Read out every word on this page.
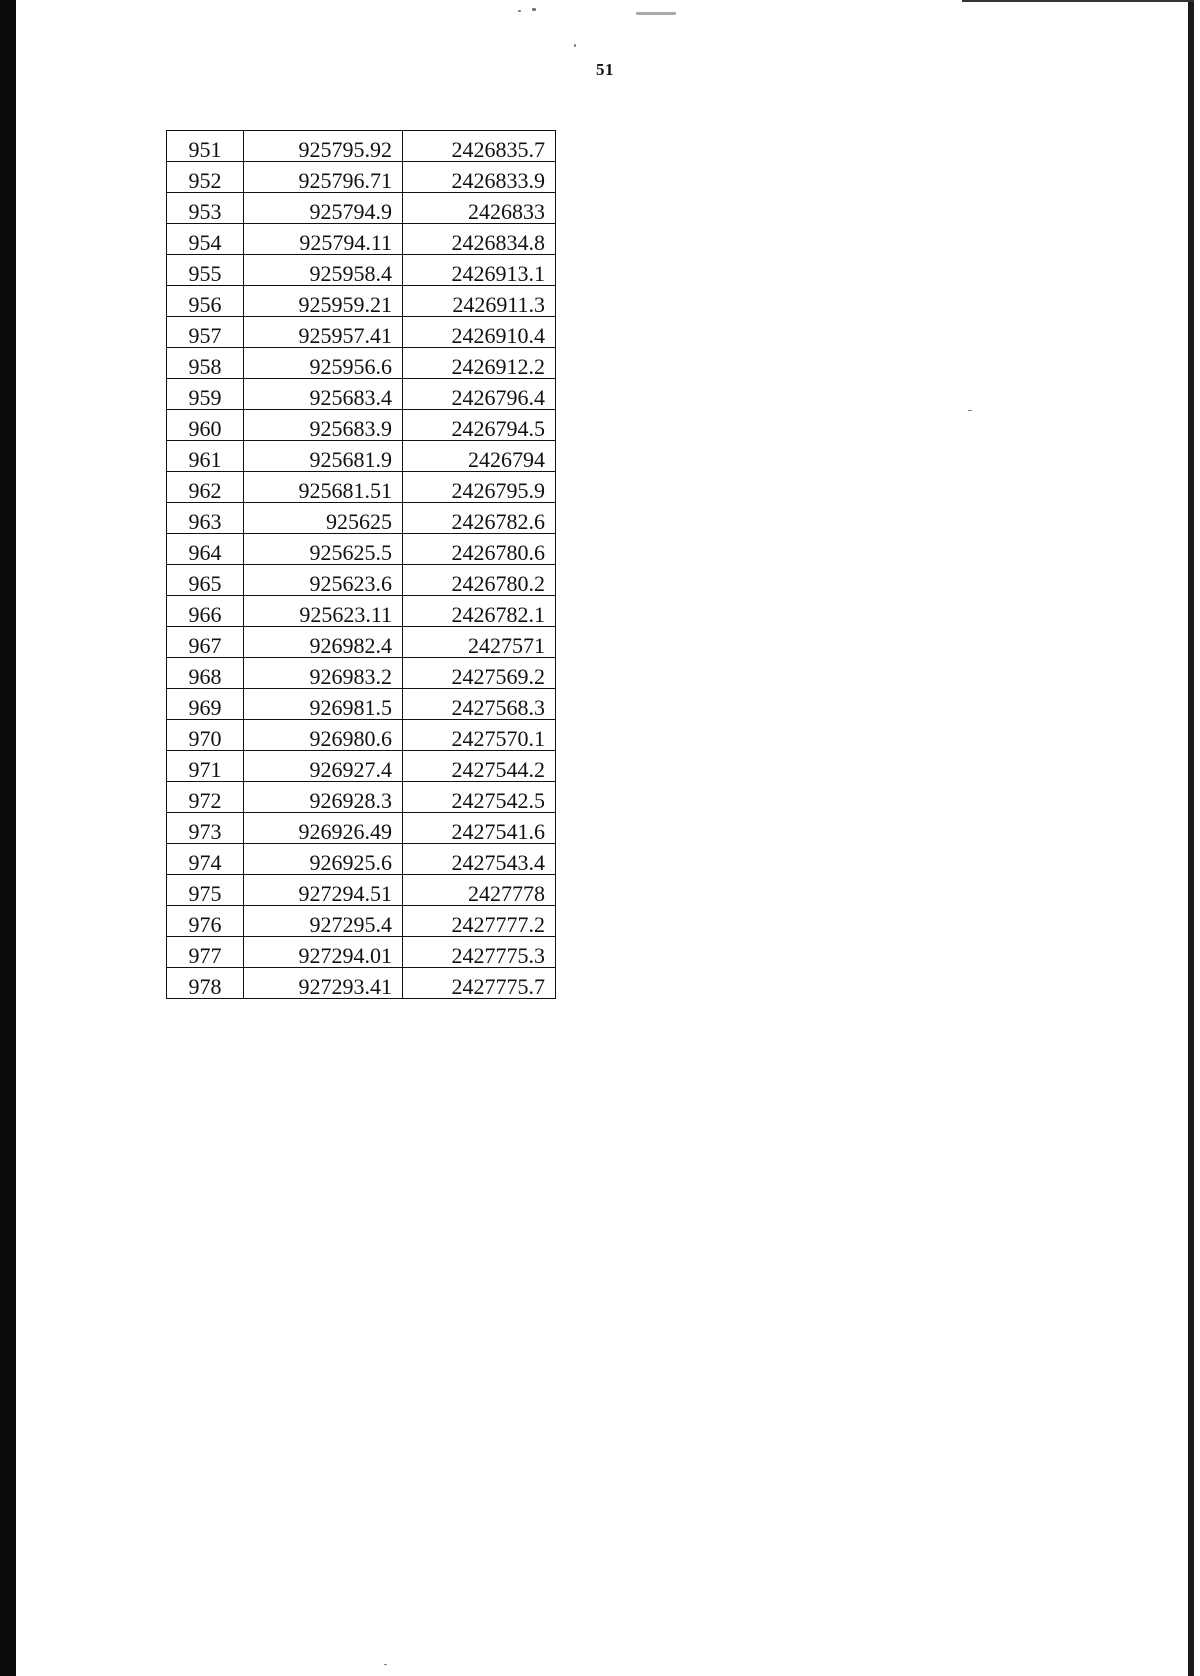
51
951	925795.92	2426835.7
952	925796.71	2426833.9
953	925794.9	2426833
954	925794.11	2426834.8
955	925958.4	2426913.1
956	925959.21	2426911.3
957	925957.41	2426910.4
958	925956.6	2426912.2
959	925683.4	2426796.4
960	925683.9	2426794.5
961	925681.9	2426794
962	925681.51	2426795.9
963	925625	2426782.6
964	925625.5	2426780.6
965	925623.6	2426780.2
966	925623.11	2426782.1
967	926982.4	2427571
968	926983.2	2427569.2
969	926981.5	2427568.3
970	926980.6	2427570.1
971	926927.4	2427544.2
972	926928.3	2427542.5
973	926926.49	2427541.6
974	926925.6	2427543.4
975	927294.51	2427778
976	927295.4	2427777.2
977	927294.01	2427775.3
978	927293.41	2427775.7
